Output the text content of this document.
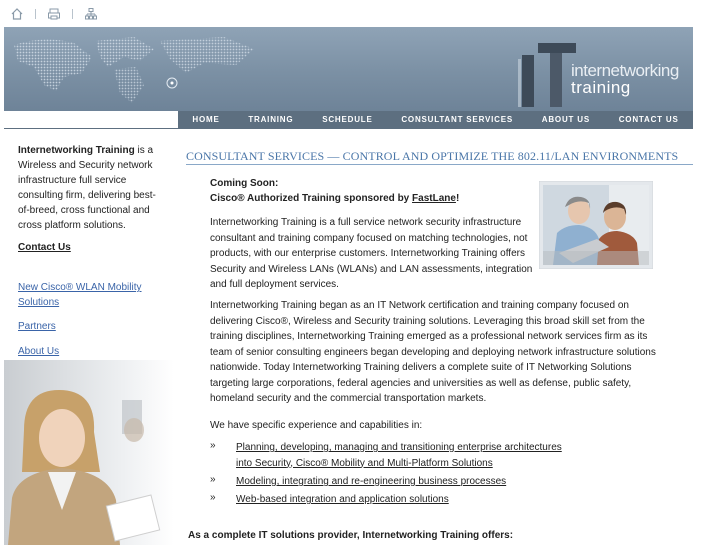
internetworking
training
HOME	TRAINING	SCHEDULE	CONSULTANT SERVICES	ABOUT US	CONTACT US
Internetworking Training is a Wireless and Security network infrastructure full service consulting firm, delivering best-of-breed, cross functional and cross platform solutions.
Contact Us
New Cisco® WLAN Mobility Solutions
Partners
About Us
CONSULTANT SERVICES — CONTROL AND OPTIMIZE THE 802.11/LAN ENVIRONMENTS
Coming Soon:
Cisco® Authorized Training sponsored by FastLane!
Internetworking Training is a full service network security infrastructure consultant and training company focused on matching technologies, not products, with our enterprise customers. Internetworking Training offers Security and Wireless LANs (WLANs) and LAN assessments, integration and full deployment services.
Internetworking Training began as an IT Network certification and training company focused on delivering Cisco®, Wireless and Security training solutions. Leveraging this broad skill set from the training disciplines, Internetworking Training emerged as a professional network services firm as its team of senior consulting engineers began developing and deploying network infrastructure solutions nationwide. Today Internetworking Training delivers a complete suite of IT Networking Solutions targeting large corporations, federal agencies and universities as well as defense, public safety, homeland security and the commercial transportation markets.
We have specific experience and capabilities in:
» Planning, developing, managing and transitioning enterprise architectures
into Security, Cisco® Mobility and Multi-Platform Solutions
» Modeling, integrating and re-engineering business processes
» Web-based integration and application solutions
As a complete IT solutions provider, Internetworking Training offers:
